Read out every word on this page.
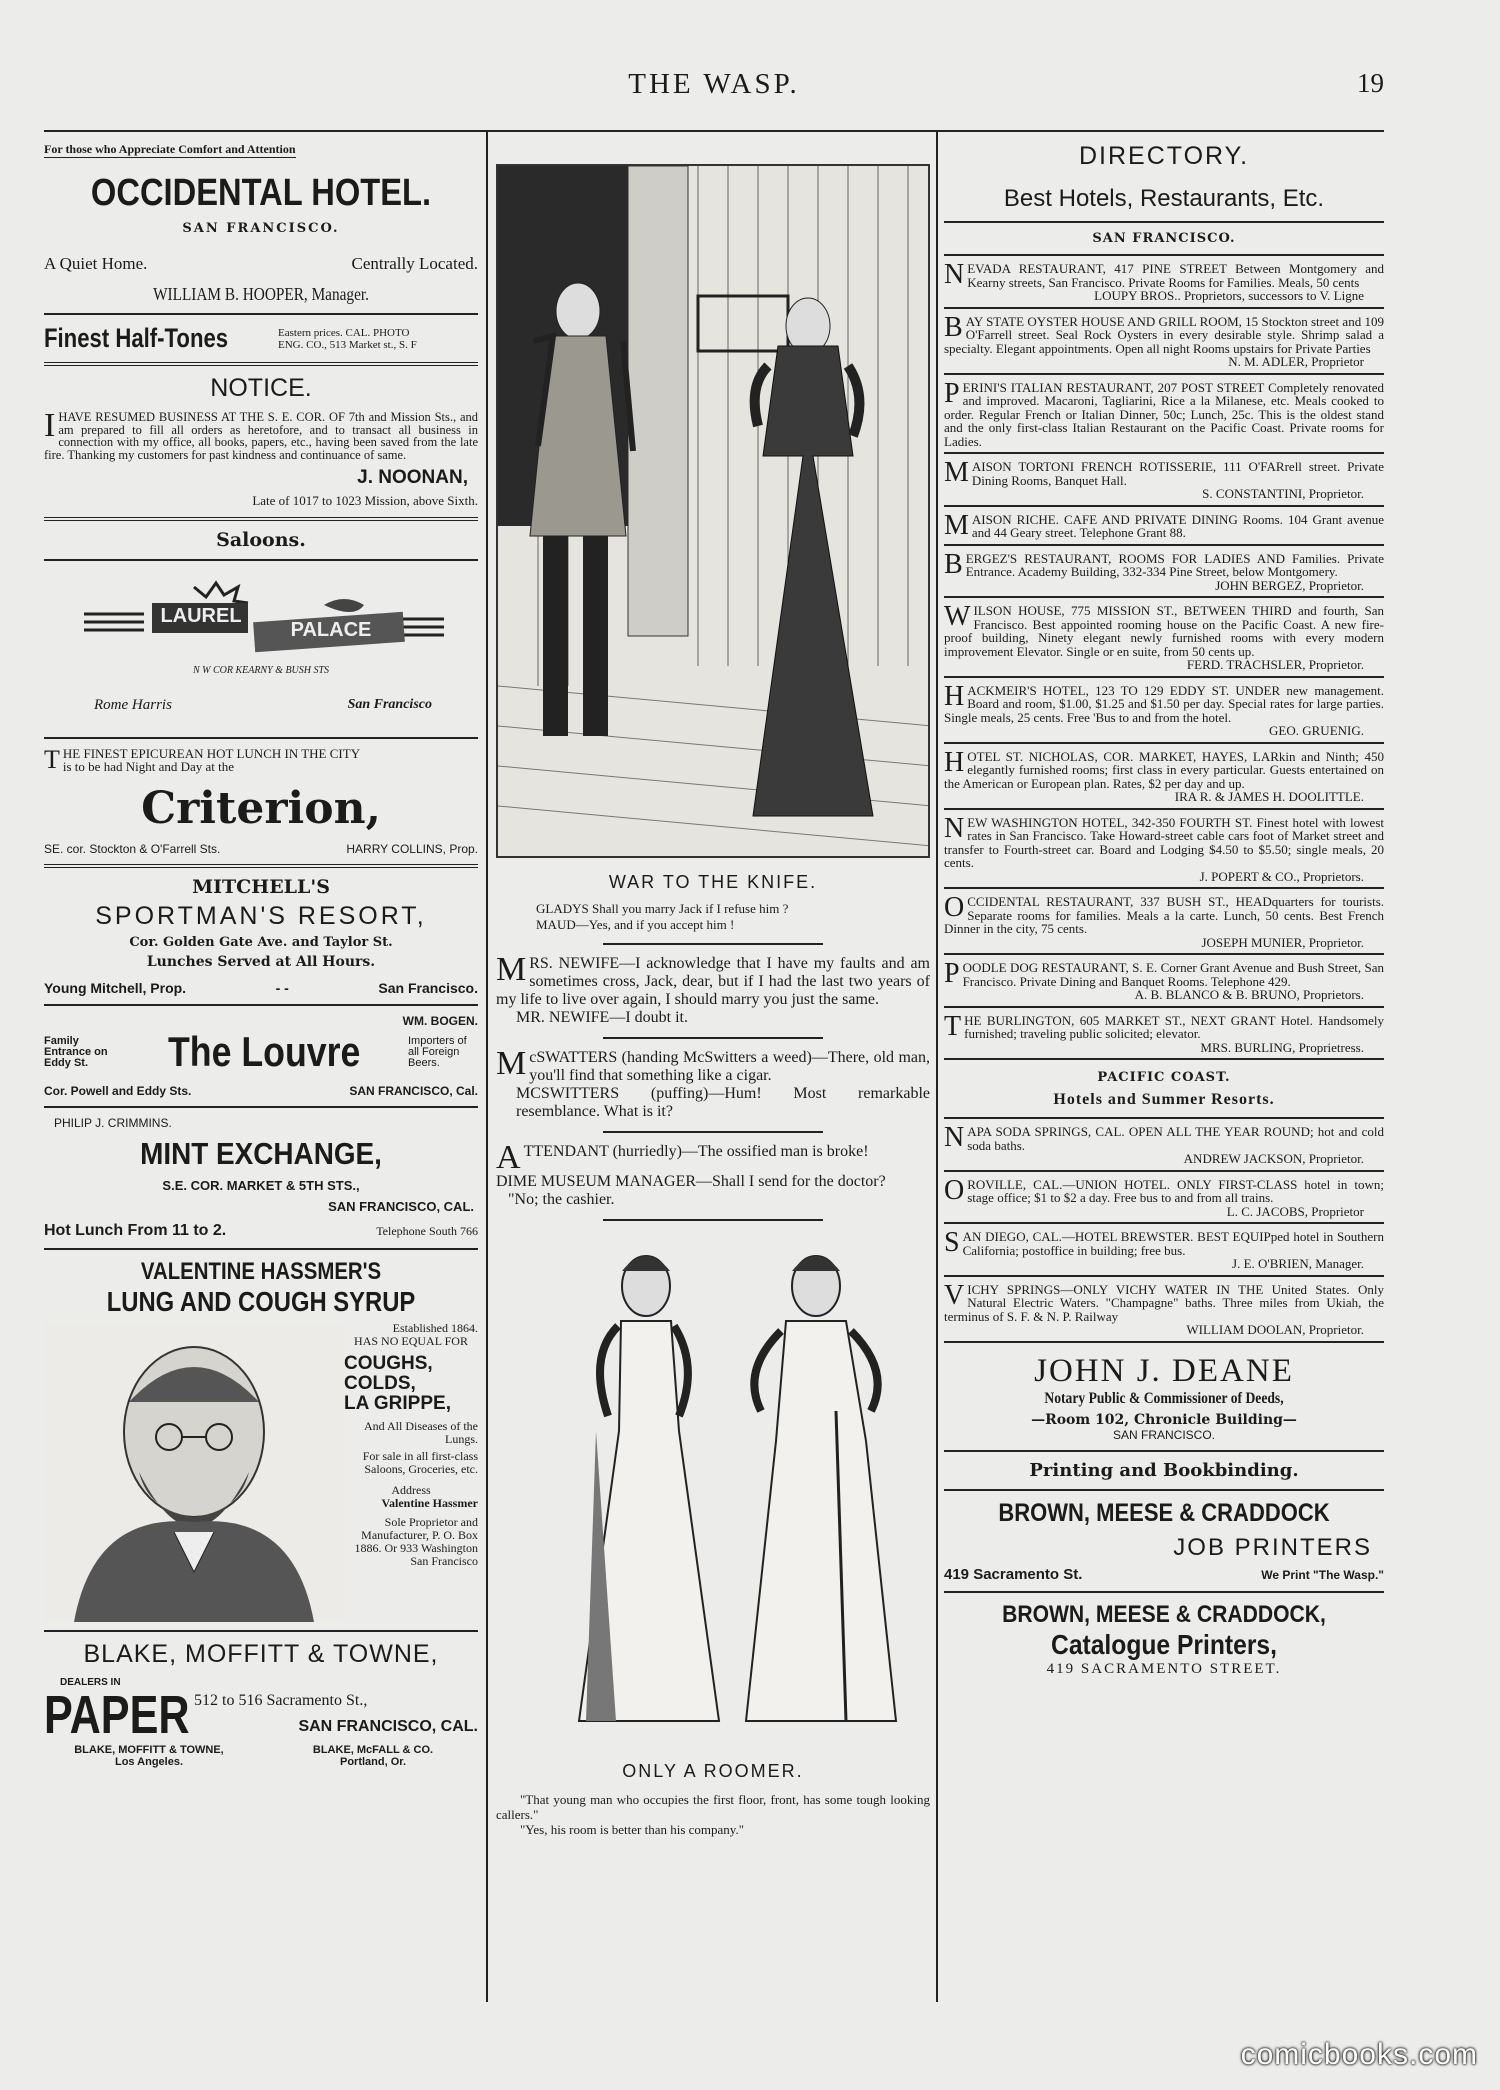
THE WASP.	19
For those who Appreciate Comfort and Attention
OCCIDENTAL HOTEL.
SAN FRANCISCO.
A Quiet Home.	Centrally Located.
WILLIAM B. HOOPER, Manager.
Finest Half-Tones	Eastern prices. CAL. PHOTO
ENG. CO., 513 Market st., S. F
NOTICE.
I HAVE RESUMED BUSINESS AT THE S. E. COR. OF 7th and Mission Sts., and am prepared to fill all orders as heretofore, and to transact all business in connection with my office, all books, papers, etc., having been saved from the late fire. Thanking my customers for past kindness and continuance of same.
J. NOONAN,
Late of 1017 to 1023 Mission, above Sixth.
Saloons.
LAUREL
PALACE
N W COR KEARNY & BUSH STS
Rome Harris	San Francisco
T HE FINEST EPICUREAN HOT LUNCH IN THE CITY
is to be had Night and Day at the
Criterion,
SE. cor. Stockton & O'Farrell Sts.	HARRY COLLINS, Prop.
MITCHELL'S
SPORTMAN'S RESORT,
Cor. Golden Gate Ave. and Taylor St.
Lunches Served at All Hours.
Young Mitchell, Prop.	- -	San Francisco.
WM. BOGEN.
Family Entrance on Eddy St.	The Louvre	Importers of all Foreign Beers.
Cor. Powell and Eddy Sts.	SAN FRANCISCO, Cal.
PHILIP J. CRIMMINS.
MINT EXCHANGE,
S.E. COR. MARKET & 5TH STS.,
SAN FRANCISCO, CAL.
Hot Lunch From 11 to 2.	Telephone South 766
VALENTINE HASSMER'S
LUNG AND COUGH SYRUP
Established 1864.
HAS NO EQUAL FOR
COUGHS,
COLDS,
LA GRIPPE,
And All Diseases of the Lungs.
For sale in all first-class Saloons, Groceries, etc.
Address
Valentine Hassmer
Sole Proprietor and Manufacturer, P. O. Box 1886. Or 933 Washington San Francisco
BLAKE, MOFFITT & TOWNE,
DEALERS IN
PAPER 512 to 516 Sacramento St.,
SAN FRANCISCO, CAL.
BLAKE, MOFFITT & TOWNE,
Los Angeles.
BLAKE, McFALL & CO.
Portland, Or.
WAR TO THE KNIFE.
GLADYS Shall you marry Jack if I refuse him ?
MAUD—Yes, and if you accept him !
M RS. NEWIFE—I acknowledge that I have my faults and am sometimes cross, Jack, dear, but if I had the last two years of my life to live over again, I should marry you just the same.
MR. NEWIFE—I doubt it.
M cSWATTERS (handing McSwitters a weed)—There, old man, you'll find that something like a cigar.
MCSWITTERS (puffing)—Hum! Most remarkable resemblance. What is it?
A TTENDANT (hurriedly)—The ossified man is broke!
DIME MUSEUM MANAGER—Shall I send for the doctor?
"No; the cashier.
ONLY A ROOMER.
"That young man who occupies the first floor, front, has some tough looking callers."
"Yes, his room is better than his company."
DIRECTORY.
Best Hotels, Restaurants, Etc.
SAN FRANCISCO.
NEVADA RESTAURANT, 417 PINE STREET Between Montgomery and Kearny streets, San Francisco. Private Rooms for Families. Meals, 50 cents
LOUPY BROS.. Proprietors, successors to V. Ligne
BAY STATE OYSTER HOUSE AND GRILL ROOM, 15 Stockton street and 109 O'Farrell street. Seal Rock Oysters in every desirable style. Shrimp salad a specialty. Elegant appointments. Open all night Rooms upstairs for Private Parties
N. M. ADLER, Proprietor
PERINI'S ITALIAN RESTAURANT, 207 POST STREET Completely renovated and improved. Macaroni, Tagliarini, Rice a la Milanese, etc. Meals cooked to order. Regular French or Italian Dinner, 50c; Lunch, 25c. This is the oldest stand and the only first-class Italian Restaurant on the Pacific Coast. Private rooms for Ladies.
MAISON TORTONI FRENCH ROTISSERIE, 111 O'FARrell street. Private Dining Rooms, Banquet Hall.
S. CONSTANTINI, Proprietor.
MAISON RICHE. CAFE AND PRIVATE DINING Rooms. 104 Grant avenue and 44 Geary street. Telephone Grant 88.
BERGEZ'S RESTAURANT, ROOMS FOR LADIES AND Families. Private Entrance. Academy Building, 332-334 Pine Street, below Montgomery.
JOHN BERGEZ, Proprietor.
WILSON HOUSE, 775 MISSION ST., BETWEEN THIRD and fourth, San Francisco. Best appointed rooming house on the Pacific Coast. A new fire-proof building, Ninety elegant newly furnished rooms with every modern improvement Elevator. Single or en suite, from 50 cents up.
FERD. TRACHSLER, Proprietor.
HACKMEIR'S HOTEL, 123 TO 129 EDDY ST. UNDER new management. Board and room, $1.00, $1.25 and $1.50 per day. Special rates for large parties. Single meals, 25 cents. Free 'Bus to and from the hotel.
GEO. GRUENIG.
HOTEL ST. NICHOLAS, COR. MARKET, HAYES, LARkin and Ninth; 450 elegantly furnished rooms; first class in every particular. Guests entertained on the American or European plan. Rates, $2 per day and up.
IRA R. & JAMES H. DOOLITTLE.
NEW WASHINGTON HOTEL, 342-350 FOURTH ST. Finest hotel with lowest rates in San Francisco. Take Howard-street cable cars foot of Market street and transfer to Fourth-street car. Board and Lodging $4.50 to $5.50; single meals, 20 cents.
J. POPERT & CO., Proprietors.
OCCIDENTAL RESTAURANT, 337 BUSH ST., HEADquarters for tourists. Separate rooms for families. Meals a la carte. Lunch, 50 cents. Best French Dinner in the city, 75 cents.
JOSEPH MUNIER, Proprietor.
POODLE DOG RESTAURANT, S. E. Corner Grant Avenue and Bush Street, San Francisco. Private Dining and Banquet Rooms. Telephone 429.
A. B. BLANCO & B. BRUNO, Proprietors.
THE BURLINGTON, 605 MARKET ST., NEXT GRANT Hotel. Handsomely furnished; traveling public solicited; elevator.
MRS. BURLING, Proprietress.
PACIFIC COAST.
Hotels and Summer Resorts.
NAPA SODA SPRINGS, CAL. OPEN ALL THE YEAR ROUND; hot and cold soda baths.
ANDREW JACKSON, Proprietor.
OROVILLE, CAL.—UNION HOTEL. ONLY FIRST-CLASS hotel in town; stage office; $1 to $2 a day. Free bus to and from all trains.
L. C. JACOBS, Proprietor
SAN DIEGO, CAL.—HOTEL BREWSTER. BEST EQUIPped hotel in Southern California; postoffice in building; free bus.
J. E. O'BRIEN, Manager.
VICHY SPRINGS—ONLY VICHY WATER IN THE United States. Only Natural Electric Waters. "Champagne" baths. Three miles from Ukiah, the terminus of S. F. & N. P. Railway
WILLIAM DOOLAN, Proprietor.
JOHN J. DEANE
Notary Public & Commissioner of Deeds,
—Room 102, Chronicle Building—
SAN FRANCISCO.
Printing and Bookbinding.
BROWN, MEESE & CRADDOCK
JOB PRINTERS
419 Sacramento St.	We Print "The Wasp."
BROWN, MEESE & CRADDOCK,
Catalogue Printers,
419 SACRAMENTO STREET.
comicbooks.com
